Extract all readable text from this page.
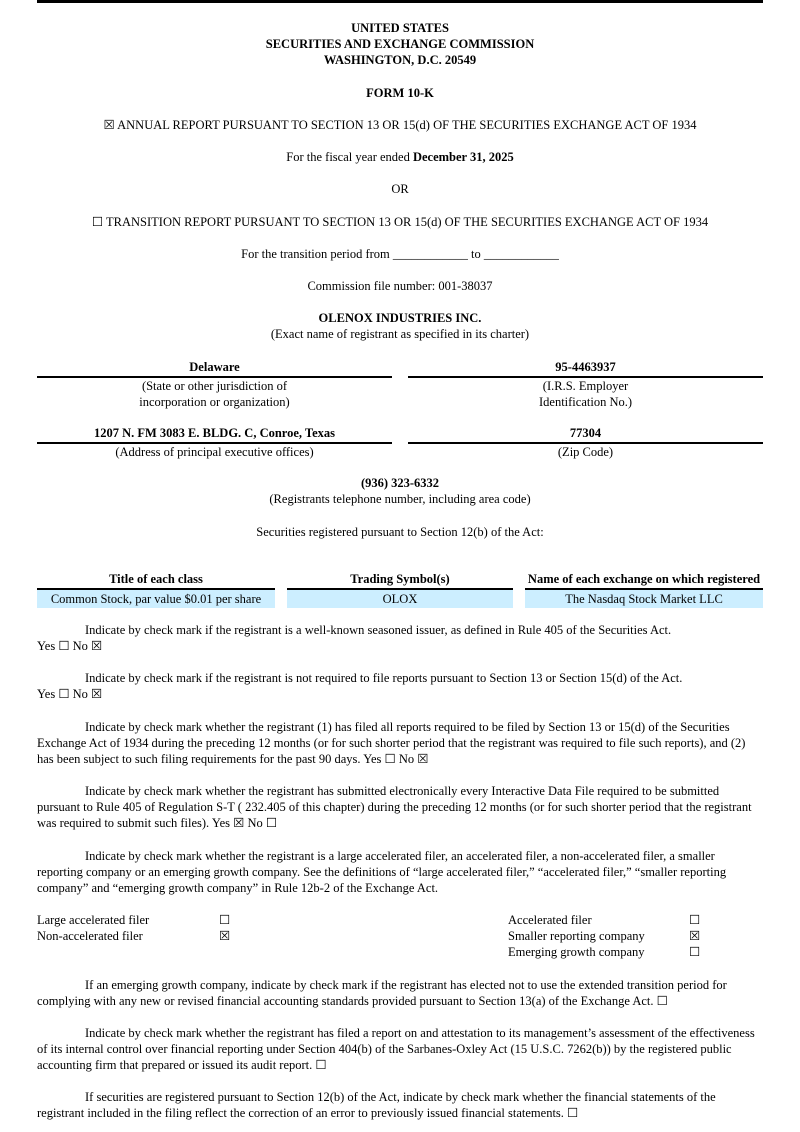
UNITED STATES
SECURITIES AND EXCHANGE COMMISSION
WASHINGTON, D.C. 20549
FORM 10-K
☒ ANNUAL REPORT PURSUANT TO SECTION 13 OR 15(d) OF THE SECURITIES EXCHANGE ACT OF 1934
For the fiscal year ended December 31, 2025
OR
☐ TRANSITION REPORT PURSUANT TO SECTION 13 OR 15(d) OF THE SECURITIES EXCHANGE ACT OF 1934
For the transition period from ____________ to ____________
Commission file number: 001-38037
OLENOX INDUSTRIES INC.
(Exact name of registrant as specified in its charter)
Delaware
(State or other jurisdiction of
incorporation or organization)
95-4463937
(I.R.S. Employer
Identification No.)
1207 N. FM 3083 E. BLDG. C, Conroe, Texas
(Address of principal executive offices)
77304
(Zip Code)
(936) 323-6332
(Registrants telephone number, including area code)
Securities registered pursuant to Section 12(b) of the Act:
Title of each class		Trading Symbol(s)		Name of each exchange on which registered
Common Stock, par value $0.01 per share		OLOX		The Nasdaq Stock Market LLC
Indicate by check mark if the registrant is a well-known seasoned issuer, as defined in Rule 405 of the Securities Act.
Yes ☐ No ☒
Indicate by check mark if the registrant is not required to file reports pursuant to Section 13 or Section 15(d) of the Act.
Yes ☐ No ☒
Indicate by check mark whether the registrant (1) has filed all reports required to be filed by Section 13 or 15(d) of the Securities Exchange Act of 1934 during the preceding 12 months (or for such shorter period that the registrant was required to file such reports), and (2) has been subject to such filing requirements for the past 90 days. Yes ☐ No ☒
Indicate by check mark whether the registrant has submitted electronically every Interactive Data File required to be submitted pursuant to Rule 405 of Regulation S-T ( 232.405 of this chapter) during the preceding 12 months (or for such shorter period that the registrant was required to submit such files). Yes ☒ No ☐
Indicate by check mark whether the registrant is a large accelerated filer, an accelerated filer, a non-accelerated filer, a smaller reporting company or an emerging growth company. See the definitions of “large accelerated filer,” “accelerated filer,” “smaller reporting company” and “emerging growth company” in Rule 12b-2 of the Exchange Act.
Large accelerated filer	☐
Non-accelerated filer	☒
Accelerated filer	☐
Smaller reporting company	☒
Emerging growth company	☐
If an emerging growth company, indicate by check mark if the registrant has elected not to use the extended transition period for complying with any new or revised financial accounting standards provided pursuant to Section 13(a) of the Exchange Act. ☐
Indicate by check mark whether the registrant has filed a report on and attestation to its management’s assessment of the effectiveness of its internal control over financial reporting under Section 404(b) of the Sarbanes-Oxley Act (15 U.S.C. 7262(b)) by the registered public accounting firm that prepared or issued its audit report. ☐
If securities are registered pursuant to Section 12(b) of the Act, indicate by check mark whether the financial statements of the registrant included in the filing reflect the correction of an error to previously issued financial statements. ☐
